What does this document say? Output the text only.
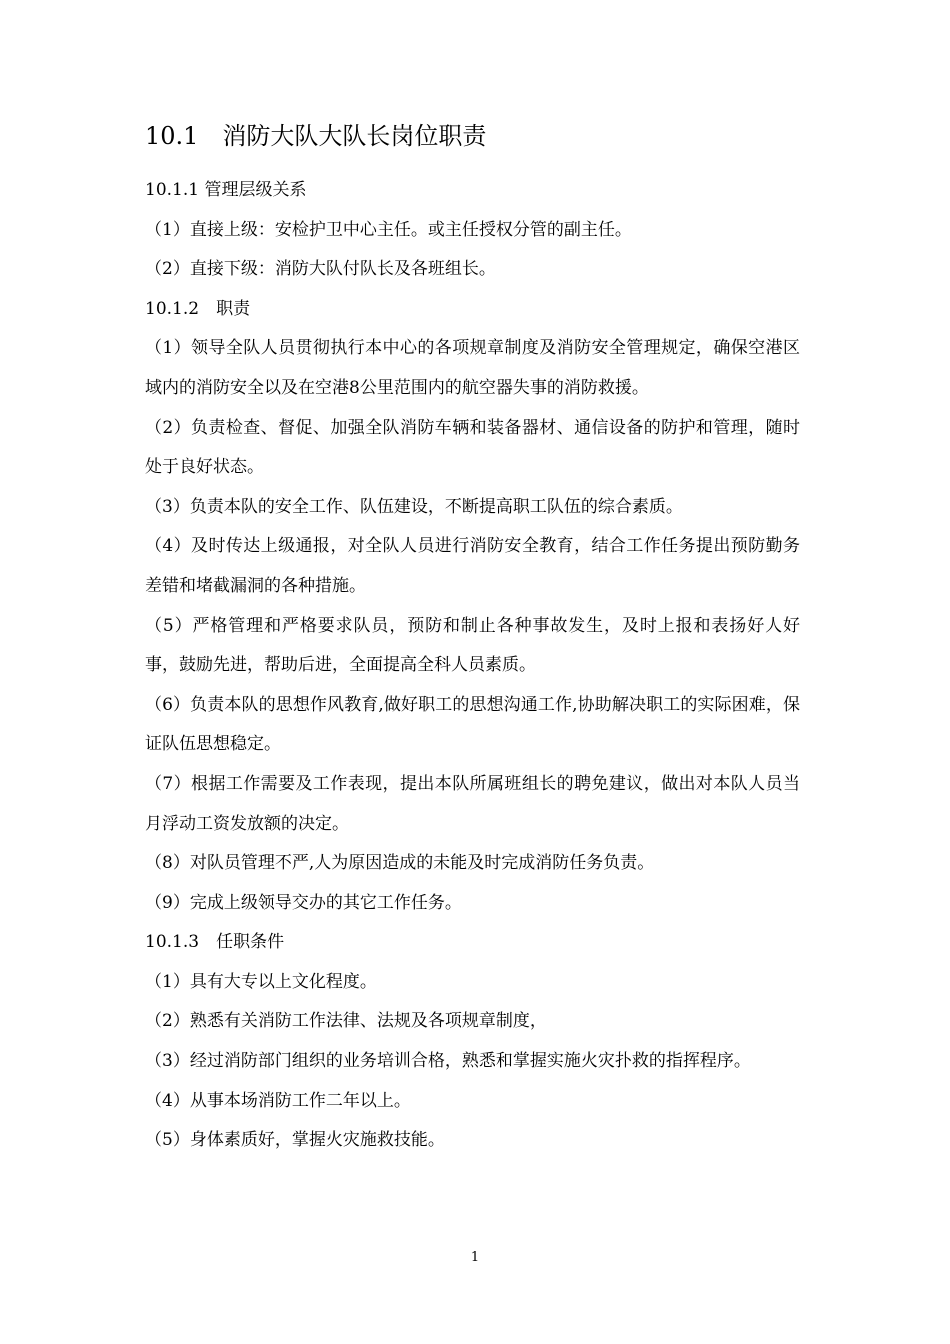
10.1　消防大队大队长岗位职责

10.1.1 管理层级关系

（1）直接上级：安检护卫中心主任。或主任授权分管的副主任。

（2）直接下级：消防大队付队长及各班组长。

10.1.2　职责

（1）领导全队人员贯彻执行本中心的各项规章制度及消防安全管理规定，确保空港区域内的消防安全以及在空港8公里范围内的航空器失事的消防救援。

（2）负责检查、督促、加强全队消防车辆和装备器材、通信设备的防护和管理，随时处于良好状态。

（3）负责本队的安全工作、队伍建设，不断提高职工队伍的综合素质。

（4）及时传达上级通报，对全队人员进行消防安全教育，结合工作任务提出预防勤务差错和堵截漏洞的各种措施。

（5）严格管理和严格要求队员，预防和制止各种事故发生，及时上报和表扬好人好事，鼓励先进，帮助后进，全面提高全科人员素质。

（6）负责本队的思想作风教育,做好职工的思想沟通工作,协助解决职工的实际困难，保证队伍思想稳定。

（7）根据工作需要及工作表现，提出本队所属班组长的聘免建议，做出对本队人员当月浮动工资发放额的决定。

（8）对队员管理不严,人为原因造成的未能及时完成消防任务负责。

（9）完成上级领导交办的其它工作任务。

10.1.3　任职条件

（1）具有大专以上文化程度。

（2）熟悉有关消防工作法律、法规及各项规章制度，

（3）经过消防部门组织的业务培训合格，熟悉和掌握实施火灾扑救的指挥程序。

（4）从事本场消防工作二年以上。

（5）身体素质好，掌握火灾施救技能。

1
